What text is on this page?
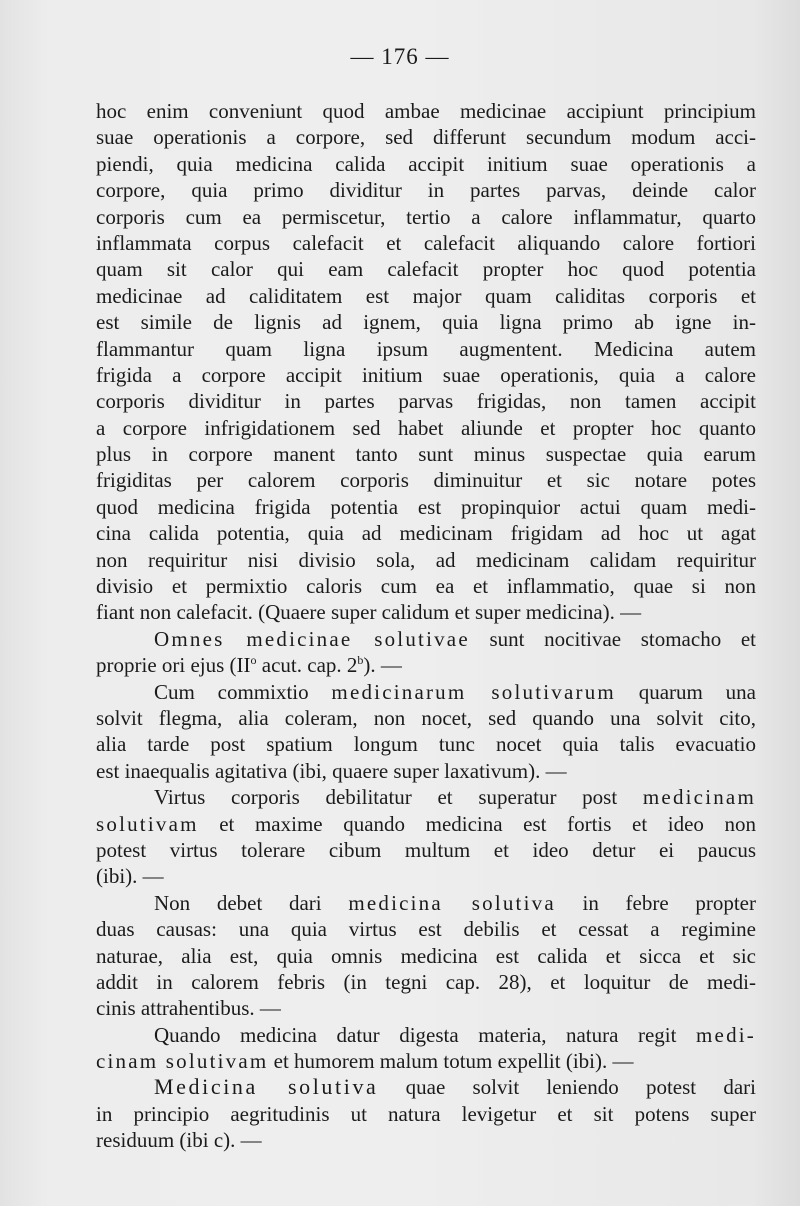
— 176 —
hoc enim conveniunt quod ambae medicinae accipiunt principium
suae operationis a corpore, sed differunt secundum modum acci-
piendi, quia medicina calida accipit initium suae operationis a
corpore, quia primo dividitur in partes parvas, deinde calor
corporis cum ea permiscetur, tertio a calore inflammatur, quarto
inflammata corpus calefacit et calefacit aliquando calore fortiori
quam sit calor qui eam calefacit propter hoc quod potentia
medicinae ad caliditatem est major quam caliditas corporis et
est simile de lignis ad ignem, quia ligna primo ab igne in-
flammantur quam ligna ipsum augmentent. Medicina autem
frigida a corpore accipit initium suae operationis, quia a calore
corporis dividitur in partes parvas frigidas, non tamen accipit
a corpore infrigidationem sed habet aliunde et propter hoc quanto
plus in corpore manent tanto sunt minus suspectae quia earum
frigiditas per calorem corporis diminuitur et sic notare potes
quod medicina frigida potentia est propinquior actui quam medi-
cina calida potentia, quia ad medicinam frigidam ad hoc ut agat
non requiritur nisi divisio sola, ad medicinam calidam requiritur
divisio et permixtio caloris cum ea et inflammatio, quae si non
fiant non calefacit. (Quaere super calidum et super medicina). —
Omnes medicinae solutivae sunt nocitivae stomacho et
proprie ori ejus ($II^o$ acut. cap. 2$^b$). —
Cum commixtio medicinarum solutivarum quarum una
solvit flegma, alia coleram, non nocet, sed quando una solvit cito,
alia tarde post spatium longum tunc nocet quia talis evacuatio
est inaequalis agitativa (ibi, quaere super laxativum). —
Virtus corporis debilitatur et superatur post medicinam
solutivam et maxime quando medicina est fortis et ideo non
potest virtus tolerare cibum multum et ideo detur ei paucus
(ibi). —
Non debet dari medicina solutiva in febre propter
duas causas: una quia virtus est debilis et cessat a regimine
naturae, alia est, quia omnis medicina est calida et sicca et sic
addit in calorem febris (in tegni cap. 28), et loquitur de medi-
cinis attrahentibus. —
Quando medicina datur digesta materia, natura regit medi-
cinam solutivam et humorem malum totum expellit (ibi). —
Medicina solutiva quae solvit leniendo potest dari
in principio aegritudinis ut natura levigetur et sit potens super
residuum (ibi c). —
